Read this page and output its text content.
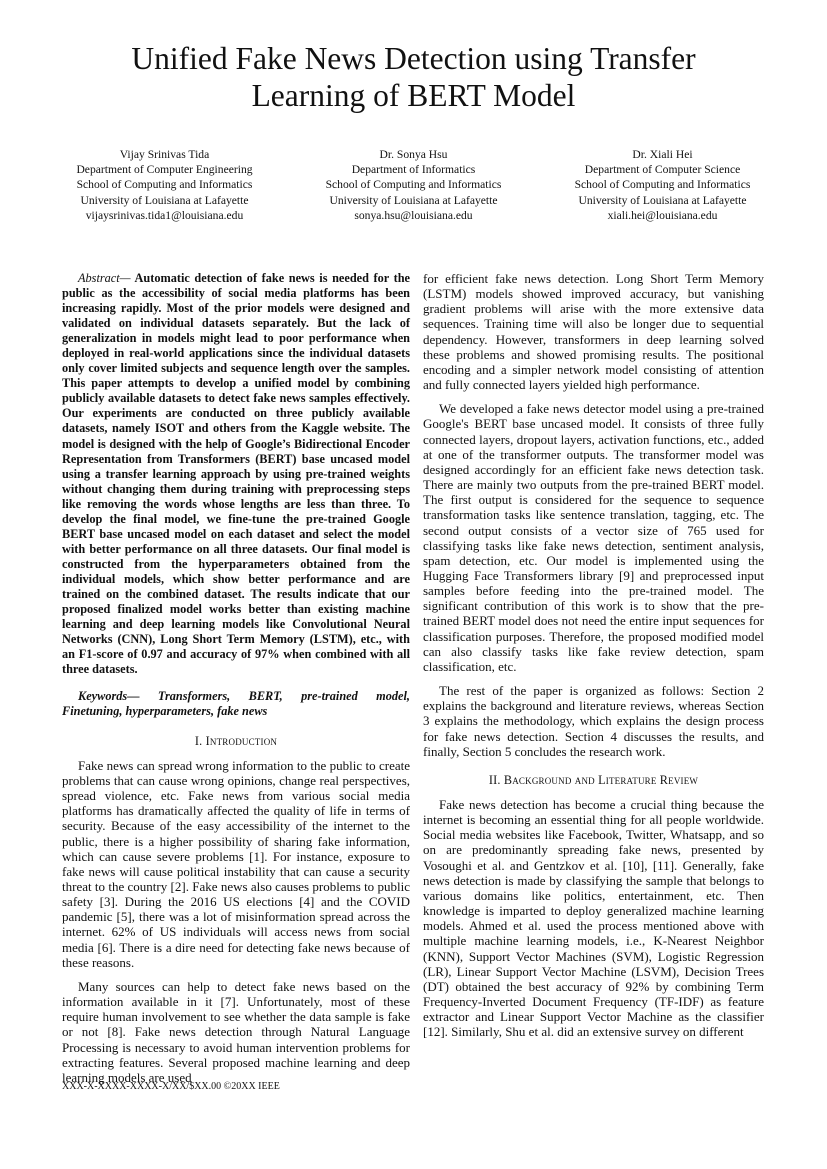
Unified Fake News Detection using Transfer
Learning of BERT Model
Vijay Srinivas Tida
Department of Computer Engineering
School of Computing and Informatics
University of Louisiana at Lafayette
vijaysrinivas.tida1@louisiana.edu
Dr. Sonya Hsu
Department of Informatics
School of Computing and Informatics
University of Louisiana at Lafayette
sonya.hsu@louisiana.edu
Dr. Xiali Hei
Department of Computer Science
School of Computing and Informatics
University of Louisiana at Lafayette
xiali.hei@louisiana.edu

Abstract— Automatic detection of fake news is needed for the public as the accessibility of social media platforms has been increasing rapidly. Most of the prior models were designed and validated on individual datasets separately. But the lack of generalization in models might lead to poor performance when deployed in real-world applications since the individual datasets only cover limited subjects and sequence length over the samples. This paper attempts to develop a unified model by combining publicly available datasets to detect fake news samples effectively. Our experiments are conducted on three publicly available datasets, namely ISOT and others from the Kaggle website. The model is designed with the help of Google’s Bidirectional Encoder Representation from Transformers (BERT) base uncased model using a transfer learning approach by using pre-trained weights without changing them during training with preprocessing steps like removing the words whose lengths are less than three. To develop the final model, we fine-tune the pre-trained Google BERT base uncased model on each dataset and select the model with better performance on all three datasets. Our final model is constructed from the hyperparameters obtained from the individual models, which show better performance and are trained on the combined dataset. The results indicate that our proposed finalized model works better than existing machine learning and deep learning models like Convolutional Neural Networks (CNN), Long Short Term Memory (LSTM), etc., with an F1-score of 0.97 and accuracy of 97% when combined with all three datasets.

Keywords— Transformers, BERT, pre-trained model, Finetuning, hyperparameters, fake news

I. Introduction

Fake news can spread wrong information to the public to create problems that can cause wrong opinions, change real perspectives, spread violence, etc. Fake news from various social media platforms has dramatically affected the quality of life in terms of security. Because of the easy accessibility of the internet to the public, there is a higher possibility of sharing fake information, which can cause severe problems [1]. For instance, exposure to fake news will cause political instability that can cause a security threat to the country [2]. Fake news also causes problems to public safety [3]. During the 2016 US elections [4] and the COVID pandemic [5], there was a lot of misinformation spread across the internet. 62% of US individuals will access news from social media [6]. There is a dire need for detecting fake news because of these reasons.

Many sources can help to detect fake news based on the information available in it [7]. Unfortunately, most of these require human involvement to see whether the data sample is fake or not [8]. Fake news detection through Natural Language Processing is necessary to avoid human intervention problems for extracting features. Several proposed machine learning and deep learning models are used

for efficient fake news detection. Long Short Term Memory (LSTM) models showed improved accuracy, but vanishing gradient problems will arise with the more extensive data sequences. Training time will also be longer due to sequential dependency. However, transformers in deep learning solved these problems and showed promising results. The positional encoding and a simpler network model consisting of attention and fully connected layers yielded high performance.

We developed a fake news detector model using a pre-trained Google's BERT base uncased model. It consists of three fully connected layers, dropout layers, activation functions, etc., added at one of the transformer outputs. The transformer model was designed accordingly for an efficient fake news detection task. There are mainly two outputs from the pre-trained BERT model. The first output is considered for the sequence to sequence transformation tasks like sentence translation, tagging, etc. The second output consists of a vector size of 765 used for classifying tasks like fake news detection, sentiment analysis, spam detection, etc. Our model is implemented using the Hugging Face Transformers library [9] and preprocessed input samples before feeding into the pre-trained model. The significant contribution of this work is to show that the pre-trained BERT model does not need the entire input sequences for classification purposes. Therefore, the proposed modified model can also classify tasks like fake review detection, spam classification, etc.

The rest of the paper is organized as follows: Section 2 explains the background and literature reviews, whereas Section 3 explains the methodology, which explains the design process for fake news detection. Section 4 discusses the results, and finally, Section 5 concludes the research work.

II. Background and Literature Review

Fake news detection has become a crucial thing because the internet is becoming an essential thing for all people worldwide. Social media websites like Facebook, Twitter, Whatsapp, and so on are predominantly spreading fake news, presented by Vosoughi et al. and Gentzkov et al. [10], [11]. Generally, fake news detection is made by classifying the sample that belongs to various domains like politics, entertainment, etc. Then knowledge is imparted to deploy generalized machine learning models. Ahmed et al. used the process mentioned above with multiple machine learning models, i.e., K-Nearest Neighbor (KNN), Support Vector Machines (SVM), Logistic Regression (LR), Linear Support Vector Machine (LSVM), Decision Trees (DT) obtained the best accuracy of 92% by combining Term Frequency-Inverted Document Frequency (TF-IDF) as feature extractor and Linear Support Vector Machine as the classifier [12]. Similarly, Shu et al. did an extensive survey on different

XXX-X-XXXX-XXXX-X/XX/$XX.00 ©20XX IEEE
